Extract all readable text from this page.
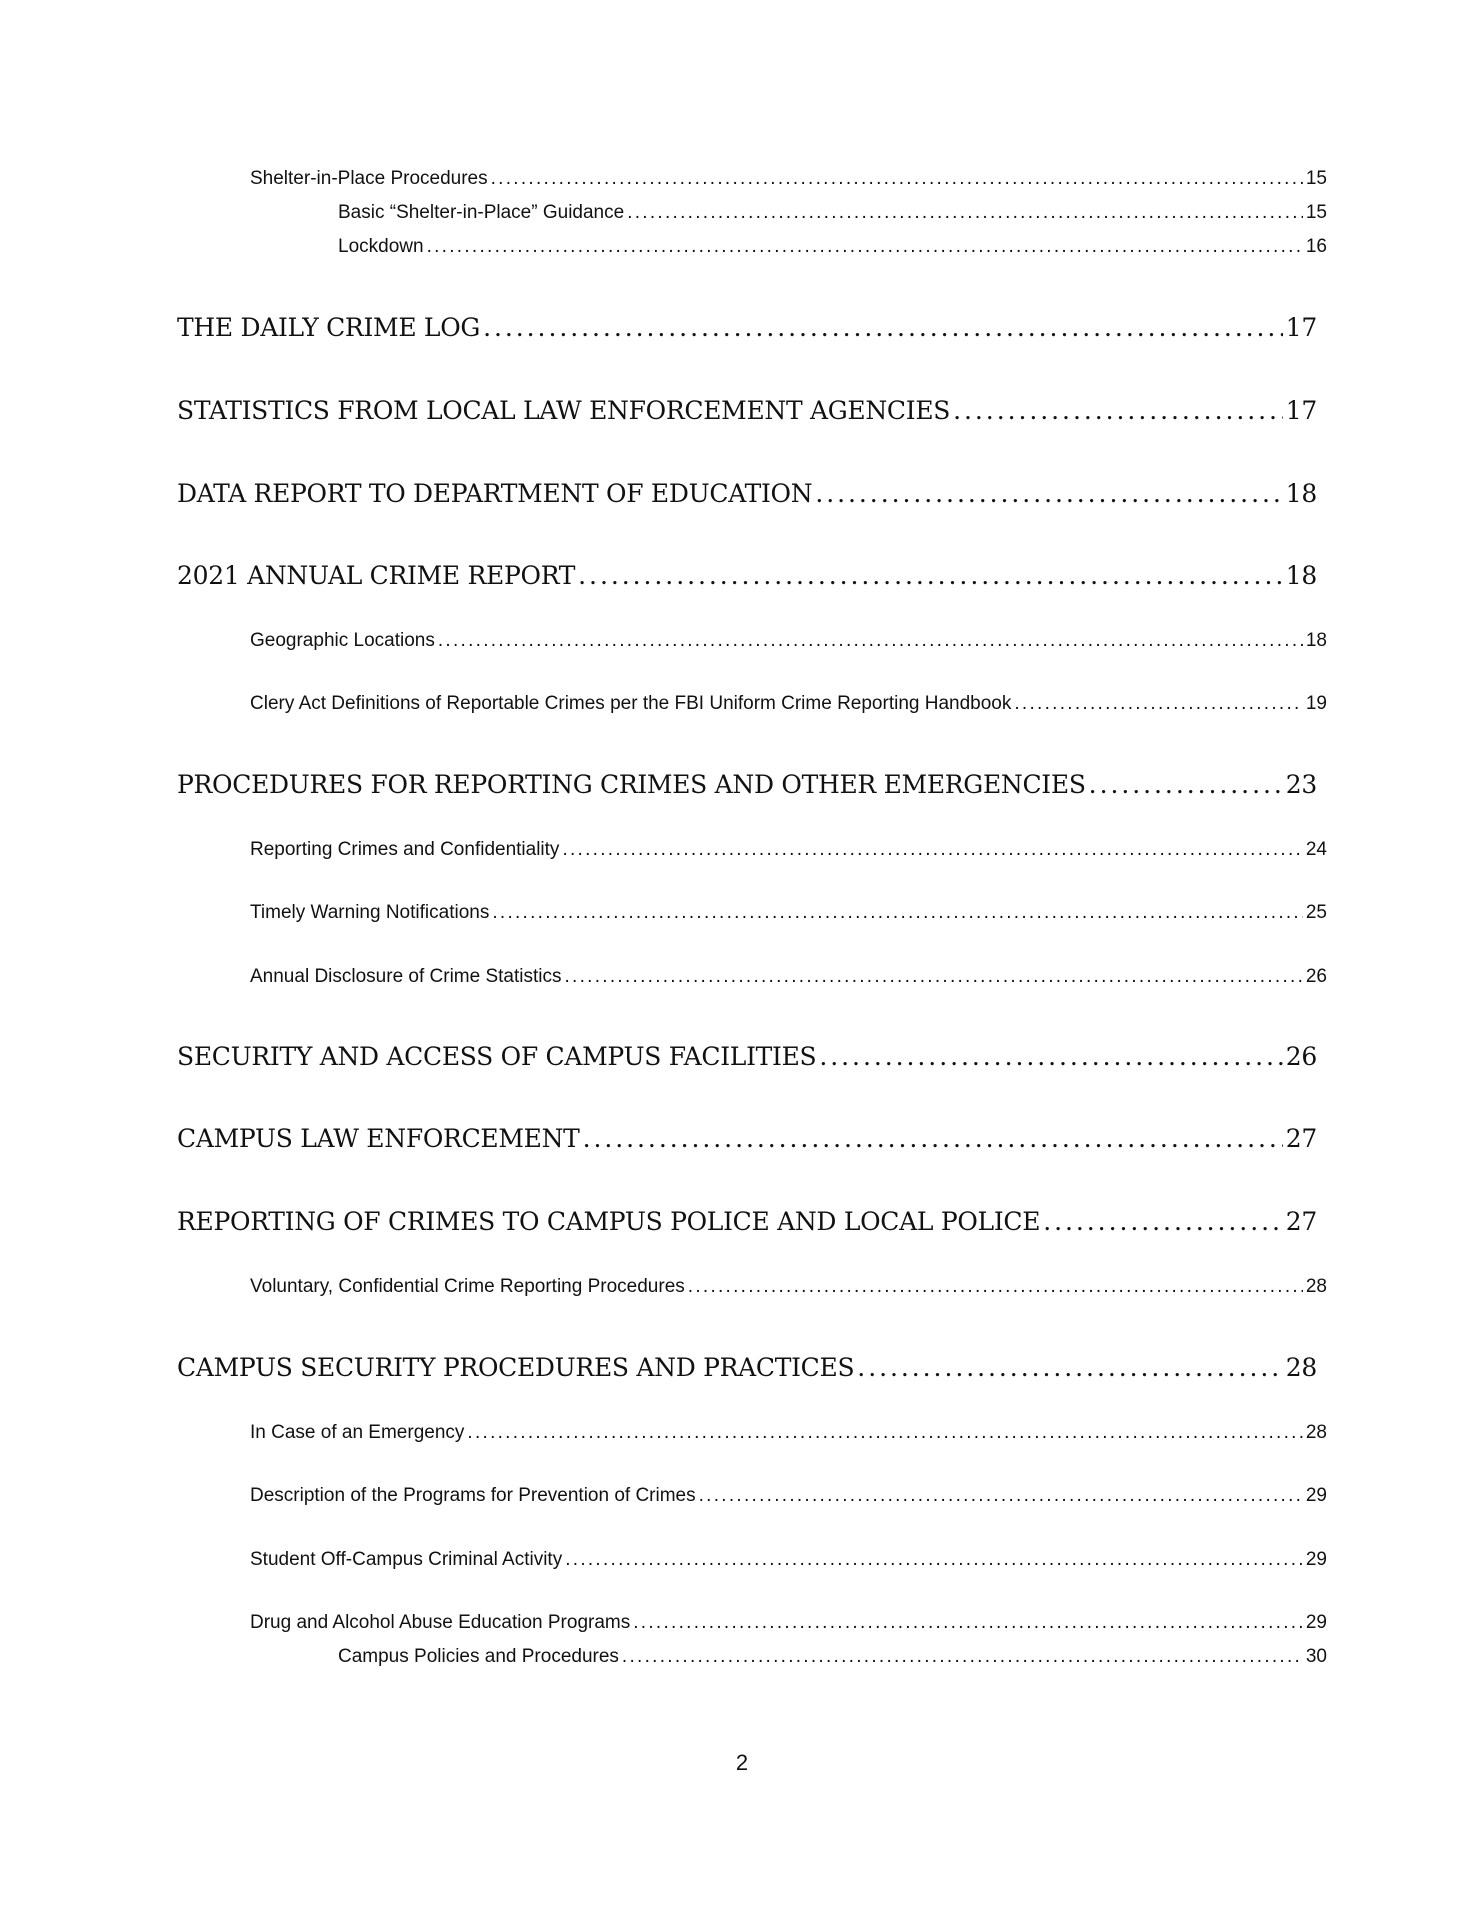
Shelter-in-Place Procedures . . .	15
Basic “Shelter-in-Place” Guidance . . .	15
Lockdown . . .	16
THE DAILY CRIME LOG . . .	17
STATISTICS FROM LOCAL LAW ENFORCEMENT AGENCIES . . .	17
DATA REPORT TO DEPARTMENT OF EDUCATION . . .	18
2021 ANNUAL CRIME REPORT . . .	18
Geographic Locations . . .	18
Clery Act Definitions of Reportable Crimes per the FBI Uniform Crime Reporting Handbook . . .	19
PROCEDURES FOR REPORTING CRIMES AND OTHER EMERGENCIES . . .	23
Reporting Crimes and Confidentiality . . .	24
Timely Warning Notifications . . .	25
Annual Disclosure of Crime Statistics . . .	26
SECURITY AND ACCESS OF CAMPUS FACILITIES . . .	26
CAMPUS LAW ENFORCEMENT . . .	27
REPORTING OF CRIMES TO CAMPUS POLICE AND LOCAL POLICE . . .	27
Voluntary, Confidential Crime Reporting Procedures . . .	28
CAMPUS SECURITY PROCEDURES AND PRACTICES . . .	28
In Case of an Emergency . . .	28
Description of the Programs for Prevention of Crimes . . .	29
Student Off-Campus Criminal Activity . . .	29
Drug and Alcohol Abuse Education Programs . . .	29
Campus Policies and Procedures . . .	30
2
